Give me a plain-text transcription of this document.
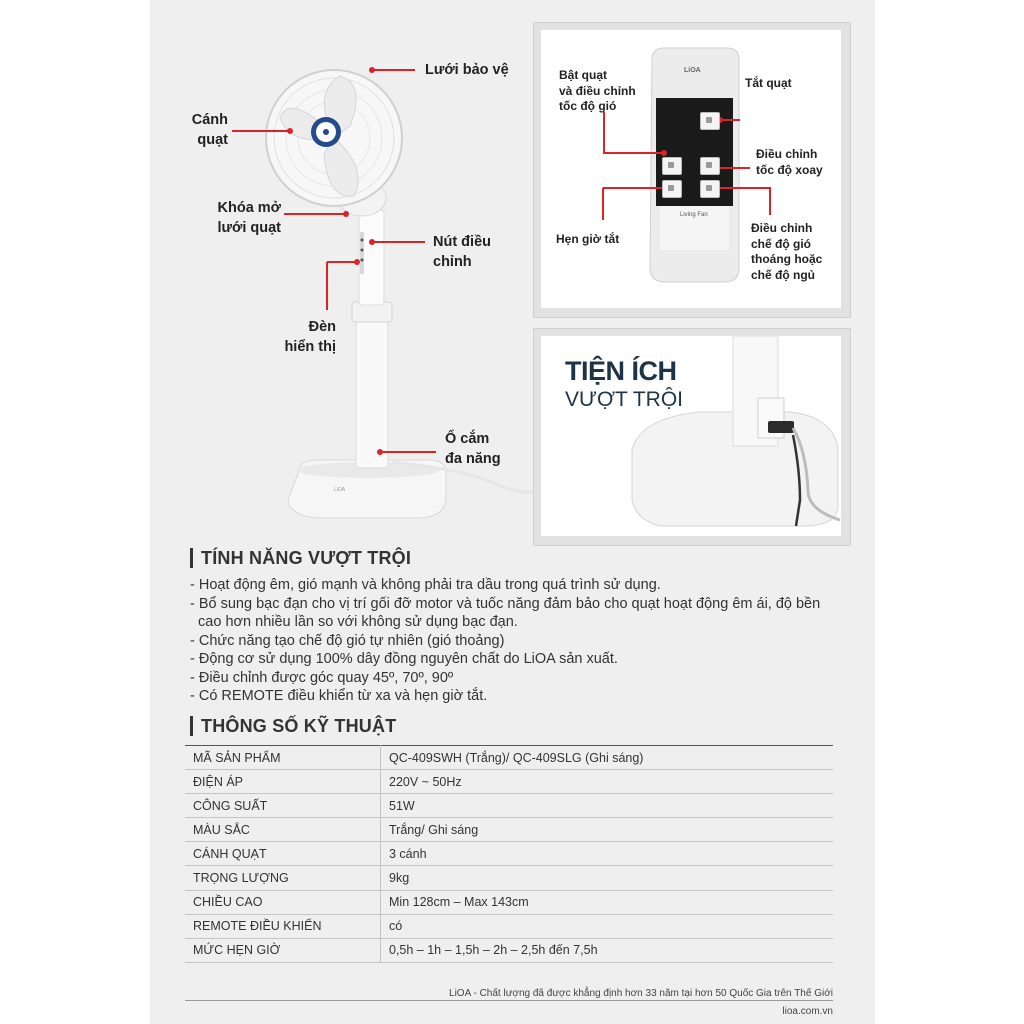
LiOA
Lưới bảo vệ
Cánh
quạt
Khóa mở
lưới quạt
Nút điều
chỉnh
Đèn
hiển thị
Ổ cắm
đa năng
LiOA
Living Fan
Bật quạt
và điều chỉnh
tốc độ gió
Tắt quạt
Điều chỉnh
tốc độ xoay
Hẹn giờ tắt
Điều chỉnh
chế độ gió
thoáng hoặc
chế độ ngủ
TIỆN ÍCH
VƯỢT TRỘI
TÍNH NĂNG VƯỢT TRỘI
- Hoạt động êm, gió mạnh và không phải tra dầu trong quá trình sử dụng.
- Bổ sung bạc đạn cho vị trí gối đỡ motor và tuốc năng đảm bảo cho quạt hoạt động êm ái, độ bền
cao hơn nhiều lần so với không sử dụng bạc đạn.
- Chức năng tạo chế độ gió tự nhiên (gió thoảng)
- Động cơ sử dụng 100% dây đồng nguyên chất do LiOA sản xuất.
- Điều chỉnh được góc quay 45º, 70º, 90º
- Có REMOTE điều khiển từ xa và hẹn giờ tắt.
THÔNG SỐ KỸ THUẬT
MÃ SẢN PHẨM	QC-409SWH (Trắng)/ QC-409SLG (Ghi sáng)
ĐIỆN ÁP	220V ~ 50Hz
CÔNG SUẤT	51W
MÀU SẮC	Trắng/ Ghi sáng
CÁNH QUẠT	3 cánh
TRỌNG LƯỢNG	9kg
CHIỀU CAO	Min 128cm – Max 143cm
REMOTE ĐIỀU KHIỂN	có
MỨC HẸN GIỜ	0,5h – 1h – 1,5h – 2h – 2,5h đến 7,5h
LiOA - Chất lượng đã được khẳng định hơn 33 năm tại hơn 50 Quốc Gia trên Thế Giới
lioa.com.vn
